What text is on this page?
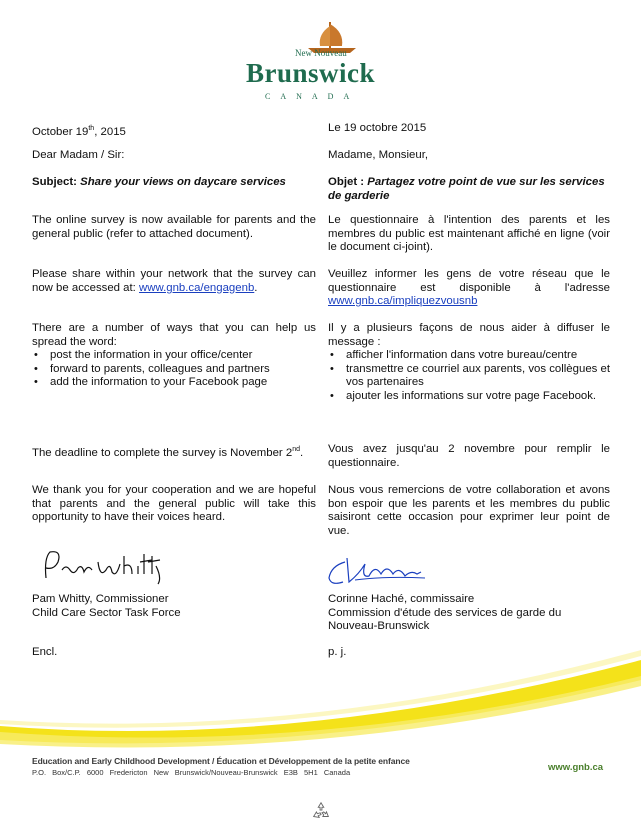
New Nouveau
Brunswick
CANADA
October 19th, 2015	Le 19 octobre 2015
Dear Madam / Sir:	Madame, Monsieur,
Subject: Share your views on daycare services	Objet : Partagez votre point de vue sur les services de garderie
The online survey is now available for parents and the general public (refer to attached document).
Le questionnaire à l'intention des parents et les membres du public est maintenant affiché en ligne (voir le document ci-joint).
Please share within your network that the survey can now be accessed at: www.gnb.ca/engagenb.
Veuillez informer les gens de votre réseau que le questionnaire est disponible à l'adresse www.gnb.ca/impliquezvousnb
There are a number of ways that you can help us spread the word:
• post the information in your office/center
• forward to parents, colleagues and partners
• add the information to your Facebook page
Il y a plusieurs façons de nous aider à diffuser le message :
• afficher l'information dans votre bureau/centre
• transmettre ce courriel aux parents, vos collègues et vos partenaires
• ajouter les informations sur votre page Facebook.
The deadline to complete the survey is November 2nd.	Vous avez jusqu'au 2 novembre pour remplir le questionnaire.
We thank you for your cooperation and we are hopeful that parents and the general public will take this opportunity to have their voices heard.
Nous vous remercions de votre collaboration et avons bon espoir que les parents et les membres du public saisiront cette occasion pour exprimer leur point de vue.
Pam Whitty, Commissioner
Child Care Sector Task Force
Corinne Haché, commissaire
Commission d'étude des services de garde du Nouveau-Brunswick
Encl.	p. j.
Education and Early Childhood Development / Éducation et Développement de la petite enfance
P.O. Box/C.P. 6000 Fredericton New Brunswick/Nouveau-Brunswick E3B 5H1 Canada	www.gnb.ca
